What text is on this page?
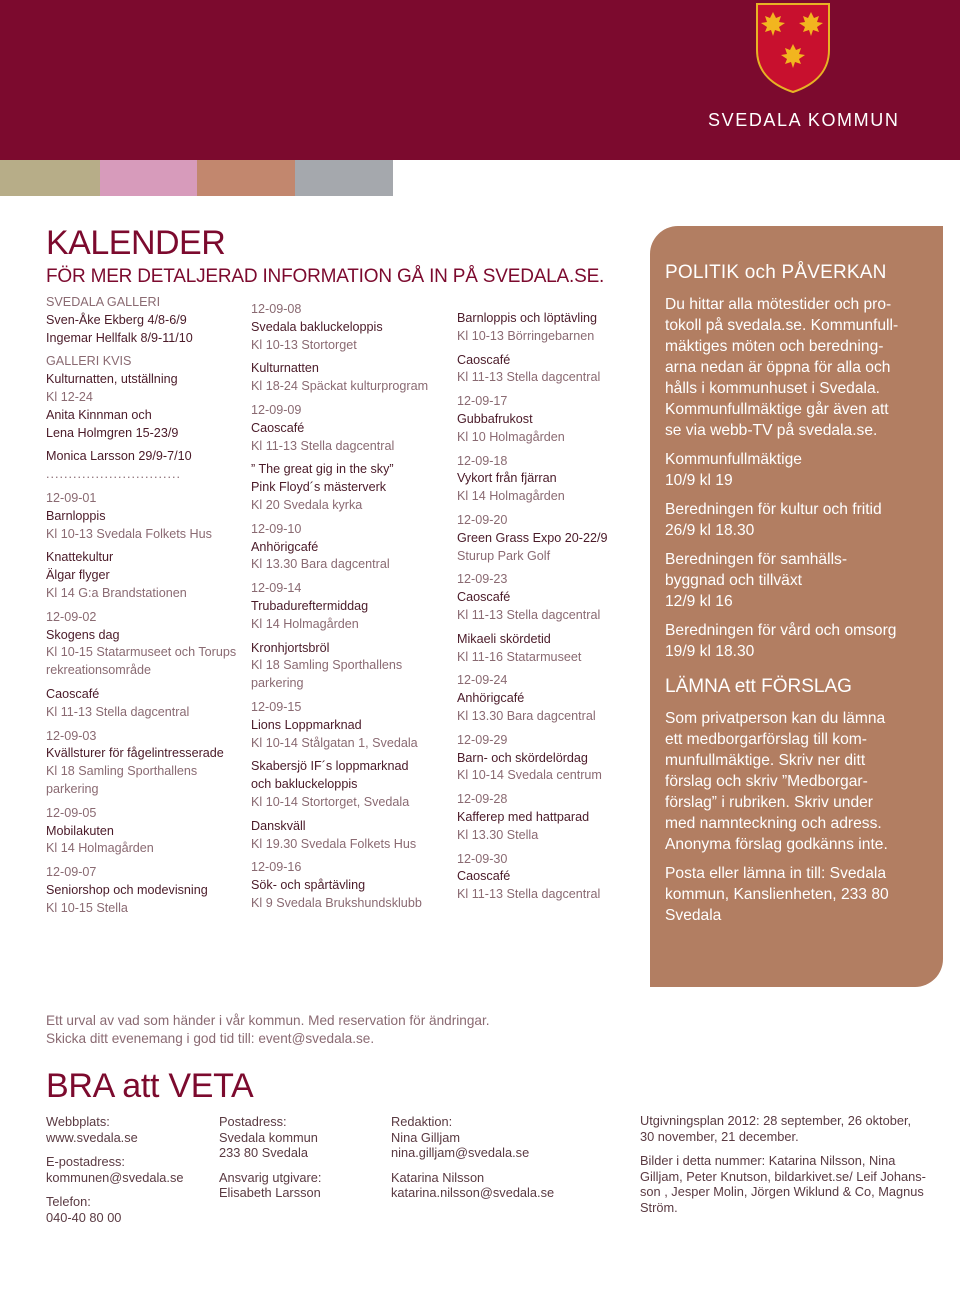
SVEDALA KOMMUN
KALENDER
FÖR MER DETALJERAD INFORMATION GÅ IN PÅ SVEDALA.SE.
SVEDALA GALLERI
Sven-Åke Ekberg 4/8-6/9
Ingemar Hellfalk 8/9-11/10
GALLERI KVIS
Kulturnatten, utställning
Kl 12-24
Anita Kinnman och
Lena Holmgren 15-23/9
Monica Larsson 29/9-7/10
..............................
12-09-01
Barnloppis
Kl 10-13 Svedala Folkets Hus
Knattekultur
Älgar flyger
Kl 14 G:a Brandstationen
12-09-02
Skogens dag
Kl 10-15 Statarmuseet och Torups
rekreationsområde
Caoscafé
Kl 11-13 Stella dagcentral
12-09-03
Kvällsturer för fågelintresserade
Kl 18 Samling Sporthallens
parkering
12-09-05
Mobilakuten
Kl 14 Holmagården
12-09-07
Seniorshop och modevisning
Kl 10-15 Stella
12-09-08
Svedala bakluckeloppis
Kl 10-13 Stortorget
Kulturnatten
Kl 18-24 Späckat kulturprogram
12-09-09
Caoscafé
Kl 11-13 Stella dagcentral
” The great gig in the sky”
Pink Floyd´s mästerverk
Kl 20 Svedala kyrka
12-09-10
Anhörigcafé
Kl 13.30 Bara dagcentral
12-09-14
Trubadureftermiddag
Kl 14 Holmagården
Kronhjortsbröl
Kl 18 Samling Sporthallens
parkering
12-09-15
Lions Loppmarknad
Kl 10-14 Stålgatan 1, Svedala
Skabersjö IF´s loppmarknad
och bakluckeloppis
Kl 10-14 Stortorget, Svedala
Danskväll
Kl 19.30 Svedala Folkets Hus
12-09-16
Sök- och spårtävling
Kl 9 Svedala Brukshundsklubb
Barnloppis och löptävling
Kl 10-13 Börringebarnen
Caoscafé
Kl 11-13 Stella dagcentral
12-09-17
Gubbafrukost
Kl 10 Holmagården
12-09-18
Vykort från fjärran
Kl 14 Holmagården
12-09-20
Green Grass Expo 20-22/9
Sturup Park Golf
12-09-23
Caoscafé
Kl 11-13 Stella dagcentral
Mikaeli skördetid
Kl 11-16 Statarmuseet
12-09-24
Anhörigcafé
Kl 13.30 Bara dagcentral
12-09-29
Barn- och skördelördag
Kl 10-14 Svedala centrum
12-09-28
Kafferep med hattparad
Kl 13.30 Stella
12-09-30
Caoscafé
Kl 11-13 Stella dagcentral
POLITIK och PÅVERKAN
Du hittar alla mötestider och pro-
tokoll på svedala.se. Kommunfull-
mäktiges möten och beredning-
arna nedan är öppna för alla och
hålls i kommunhuset i Svedala.
Kommunfullmäktige går även att
se via webb-TV på svedala.se.
Kommunfullmäktige
10/9 kl 19
Beredningen för kultur och fritid
26/9 kl 18.30
Beredningen för samhälls-
byggnad och tillväxt
12/9 kl 16
Beredningen för vård och omsorg
19/9 kl 18.30
LÄMNA ett FÖRSLAG
Som privatperson kan du lämna
ett medborgarförslag till kom-
munfullmäktige. Skriv ner ditt
förslag och skriv ”Medborgar-
förslag” i rubriken. Skriv under
med namnteckning och adress.
Anonyma förslag godkänns inte.
Posta eller lämna in till: Svedala
kommun, Kanslienheten, 233 80
Svedala
Ett urval av vad som händer i vår kommun. Med reservation för ändringar.
Skicka ditt evenemang i god tid till: event@svedala.se.
BRA att VETA
Webbplats:
www.svedala.se
E-postadress:
kommunen@svedala.se
Telefon:
040-40 80 00
Postadress:
Svedala kommun
233 80 Svedala
Ansvarig utgivare:
Elisabeth Larsson
Redaktion:
Nina Gilljam
nina.gilljam@svedala.se
Katarina Nilsson
katarina.nilsson@svedala.se
Utgivningsplan 2012: 28 september, 26 oktober,
30 november, 21 december.
Bilder i detta nummer: Katarina Nilsson, Nina
Gilljam, Peter Knutson, bildarkivet.se/ Leif Johans-
son , Jesper Molin, Jörgen Wiklund & Co, Magnus
Ström.
